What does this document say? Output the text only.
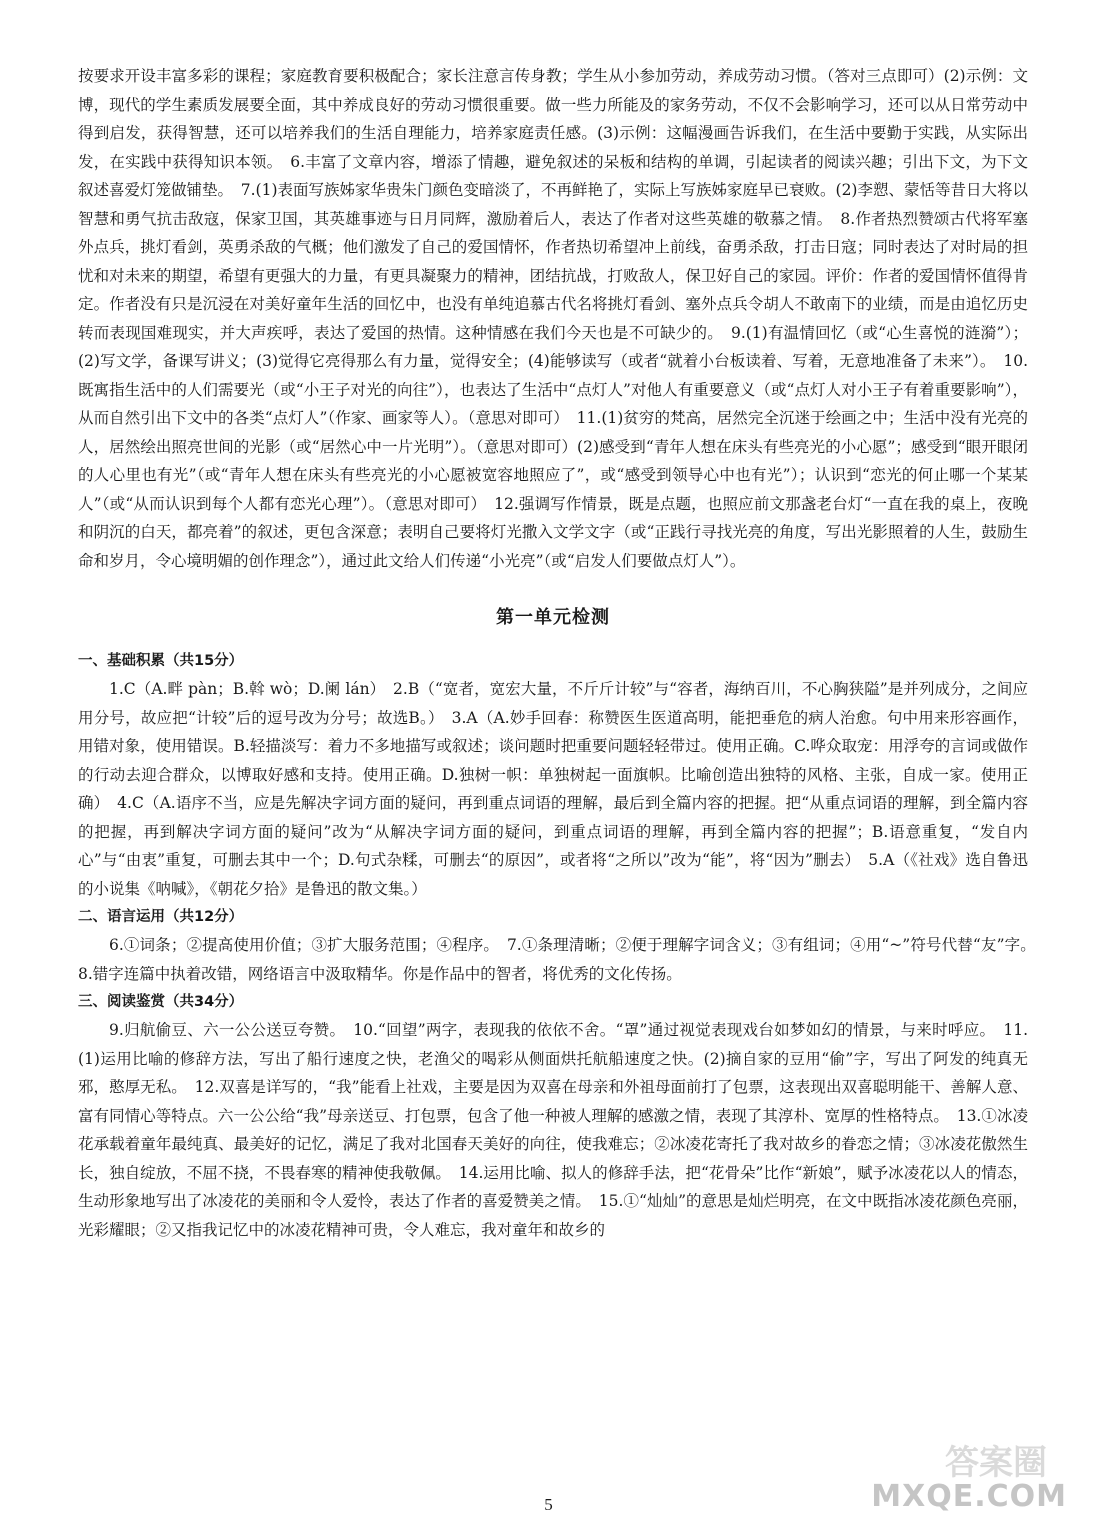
按要求开设丰富多彩的课程；家庭教育要积极配合；家长注意言传身教；学生从小参加劳动，养成劳动习惯。（答对三点即可）(2)示例：文博，现代的学生素质发展要全面，其中养成良好的劳动习惯很重要。做一些力所能及的家务劳动，不仅不会影响学习，还可以从日常劳动中得到启发，获得智慧，还可以培养我们的生活自理能力，培养家庭责任感。(3)示例：这幅漫画告诉我们，在生活中要勤于实践，从实际出发，在实践中获得知识本领。　6.丰富了文章内容，增添了情趣，避免叙述的呆板和结构的单调，引起读者的阅读兴趣；引出下文，为下文叙述喜爱灯笼做铺垫。　7.(1)表面写族姊家华贵朱门颜色变暗淡了，不再鲜艳了，实际上写族姊家庭早已衰败。(2)李愬、蒙恬等昔日大将以智慧和勇气抗击敌寇，保家卫国，其英雄事迹与日月同辉，激励着后人，表达了作者对这些英雄的敬慕之情。　8.作者热烈赞颂古代将军塞外点兵，挑灯看剑，英勇杀敌的气概；他们激发了自己的爱国情怀，作者热切希望冲上前线，奋勇杀敌，打击日寇；同时表达了对时局的担忧和对未来的期望，希望有更强大的力量，有更具凝聚力的精神，团结抗战，打败敌人，保卫好自己的家园。评价：作者的爱国情怀值得肯定。作者没有只是沉浸在对美好童年生活的回忆中，也没有单纯追慕古代名将挑灯看剑、塞外点兵令胡人不敢南下的业绩，而是由追忆历史转而表现国难现实，并大声疾呼，表达了爱国的热情。这种情感在我们今天也是不可缺少的。　9.(1)有温情回忆（或“心生喜悦的涟漪”）；(2)写文学，备课写讲义；(3)觉得它亮得那么有力量，觉得安全；(4)能够读写（或者“就着小台板读着、写着，无意地准备了未来”）。　10.既寓指生活中的人们需要光（或“小王子对光的向往”），也表达了生活中“点灯人”对他人有重要意义（或“点灯人对小王子有着重要影响”），从而自然引出下文中的各类“点灯人”（作家、画家等人）。（意思对即可）　11.(1)贫穷的梵高，居然完全沉迷于绘画之中；生活中没有光亮的人，居然绘出照亮世间的光影（或“居然心中一片光明”）。（意思对即可）(2)感受到“青年人想在床头有些亮光的小心愿”；感受到“眼开眼闭的人心里也有光”（或“青年人想在床头有些亮光的小心愿被宽容地照应了”，或“感受到领导心中也有光”）；认识到“恋光的何止哪一个某某人”（或“从而认识到每个人都有恋光心理”）。（意思对即可）　12.强调写作情景，既是点题，也照应前文那盏老台灯“一直在我的桌上，夜晚和阴沉的白天，都亮着”的叙述，更包含深意；表明自己要将灯光撒入文学文字（或“正践行寻找光亮的角度，写出光影照着的人生，鼓励生命和岁月，令心境明媚的创作理念”），通过此文给人们传递“小光亮”（或“启发人们要做点灯人”）。

第一单元检测

一、基础积累（共15分）

1.C（A.畔 pàn；B.斡 wò；D.阑 lán）　2.B（“宽者，宽宏大量，不斤斤计较”与“容者，海纳百川，不心胸狭隘”是并列成分，之间应用分号，故应把“计较”后的逗号改为分号；故选B。）　3.A（A.妙手回春：称赞医生医道高明，能把垂危的病人治愈。句中用来形容画作，用错对象，使用错误。B.轻描淡写：着力不多地描写或叙述；谈问题时把重要问题轻轻带过。使用正确。C.哗众取宠：用浮夸的言词或做作的行动去迎合群众，以博取好感和支持。使用正确。D.独树一帜：单独树起一面旗帜。比喻创造出独特的风格、主张，自成一家。使用正确）　4.C（A.语序不当，应是先解决字词方面的疑问，再到重点词语的理解，最后到全篇内容的把握。把“从重点词语的理解，到全篇内容的把握，再到解决字词方面的疑问”改为“从解决字词方面的疑问，到重点词语的理解，再到全篇内容的把握”；B.语意重复，“发自内心”与“由衷”重复，可删去其中一个；D.句式杂糅，可删去“的原因”，或者将“之所以”改为“能”，将“因为”删去）　5.A（《社戏》选自鲁迅的小说集《呐喊》，《朝花夕拾》是鲁迅的散文集。）

二、语言运用（共12分）

6.①词条；②提高使用价值；③扩大服务范围；④程序。　7.①条理清晰；②便于理解字词含义；③有组词；④用“~”符号代替“友”字。　8.错字连篇中执着改错，网络语言中汲取精华。你是作品中的智者，将优秀的文化传扬。

三、阅读鉴赏（共34分）

9.归航偷豆、六一公公送豆夸赞。　10.“回望”两字，表现我的依依不舍。“罩”通过视觉表现戏台如梦如幻的情景，与来时呼应。　11.(1)运用比喻的修辞方法，写出了船行速度之快，老渔父的喝彩从侧面烘托航船速度之快。(2)摘自家的豆用“偷”字，写出了阿发的纯真无邪，憨厚无私。　12.双喜是详写的，“我”能看上社戏，主要是因为双喜在母亲和外祖母面前打了包票，这表现出双喜聪明能干、善解人意、富有同情心等特点。六一公公给“我”母亲送豆、打包票，包含了他一种被人理解的感激之情，表现了其淳朴、宽厚的性格特点。　13.①冰凌花承载着童年最纯真、最美好的记忆，满足了我对北国春天美好的向往，使我难忘；②冰凌花寄托了我对故乡的眷恋之情；③冰凌花傲然生长，独自绽放，不屈不挠，不畏春寒的精神使我敬佩。　14.运用比喻、拟人的修辞手法，把“花骨朵”比作“新娘”，赋予冰凌花以人的情态，生动形象地写出了冰凌花的美丽和令人爱怜，表达了作者的喜爱赞美之情。　15.①“灿灿”的意思是灿烂明亮，在文中既指冰凌花颜色亮丽，光彩耀眼；②又指我记忆中的冰凌花精神可贵，令人难忘，我对童年和故乡的

5
答案圈
MXQE.COM
